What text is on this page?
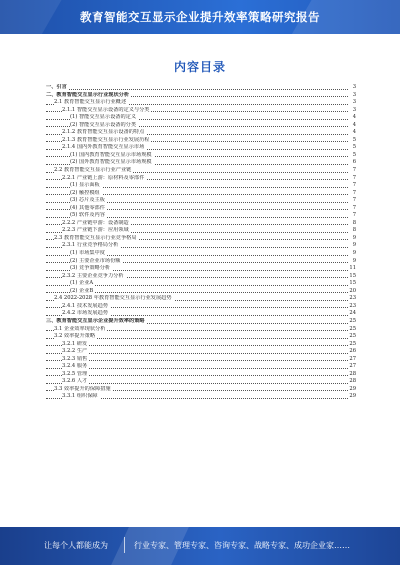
教育智能交互显示企业提升效率策略研究报告
内容目录
一、引言	3
二、教育智能交互显示行业现状分析	3
2.1 教育智能交互显示行业概述	3
2.1.1 智能交互显示设备的定义与分类	3
(1) 智能交互显示设备的定义	4
(2) 智能交互显示设备的分类	4
2.1.2 教育智能交互显示设备的特点	4
2.1.3 教育智能交互显示行业发展历程	5
2.1.4 国内外教育智能交互显示市场	5
(1) 国内教育智能交互显示市场规模	5
(2) 国外教育智能交互显示市场规模	6
2.2 教育智能交互显示行业产业链	7
2.2.1 产业链上游：原材料及零部件	7
(1) 显示面板	7
(2) 触控模组	7
(3) 芯片及主板	7
(4) 其他零部件	7
(5) 软件及内容	7
2.2.2 产业链中游：设备制造	8
2.2.3 产业链下游：应用领域	8
2.3 教育智能交互显示行业竞争格局	9
2.3.1 行业竞争格局分析	9
(1) 市场集中度	9
(2) 主要企业市场份额	9
(3) 竞争策略分析	11
2.3.2 主要企业竞争力分析	15
(1) 企业A	15
(2) 企业B	20
2.4 2022-2028 年教育智能交互显示行业发展趋势	23
2.4.1 技术发展趋势	23
2.4.2 市场发展趋势	24
三、教育智能交互显示企业提升效率的策略	25
3.1 企业效率现状分析	25
3.2 效率提升策略	25
3.2.1 研发	25
3.2.2 生产	26
3.2.3 销售	27
3.2.4 服务	27
3.2.5 管理	28
3.2.6 人才	28
3.3 效率提升的保障措施	29
3.3.1 组织保障	29
让每个人都能成为	行业专家、管理专家、咨询专家、战略专家、成功企业家……
